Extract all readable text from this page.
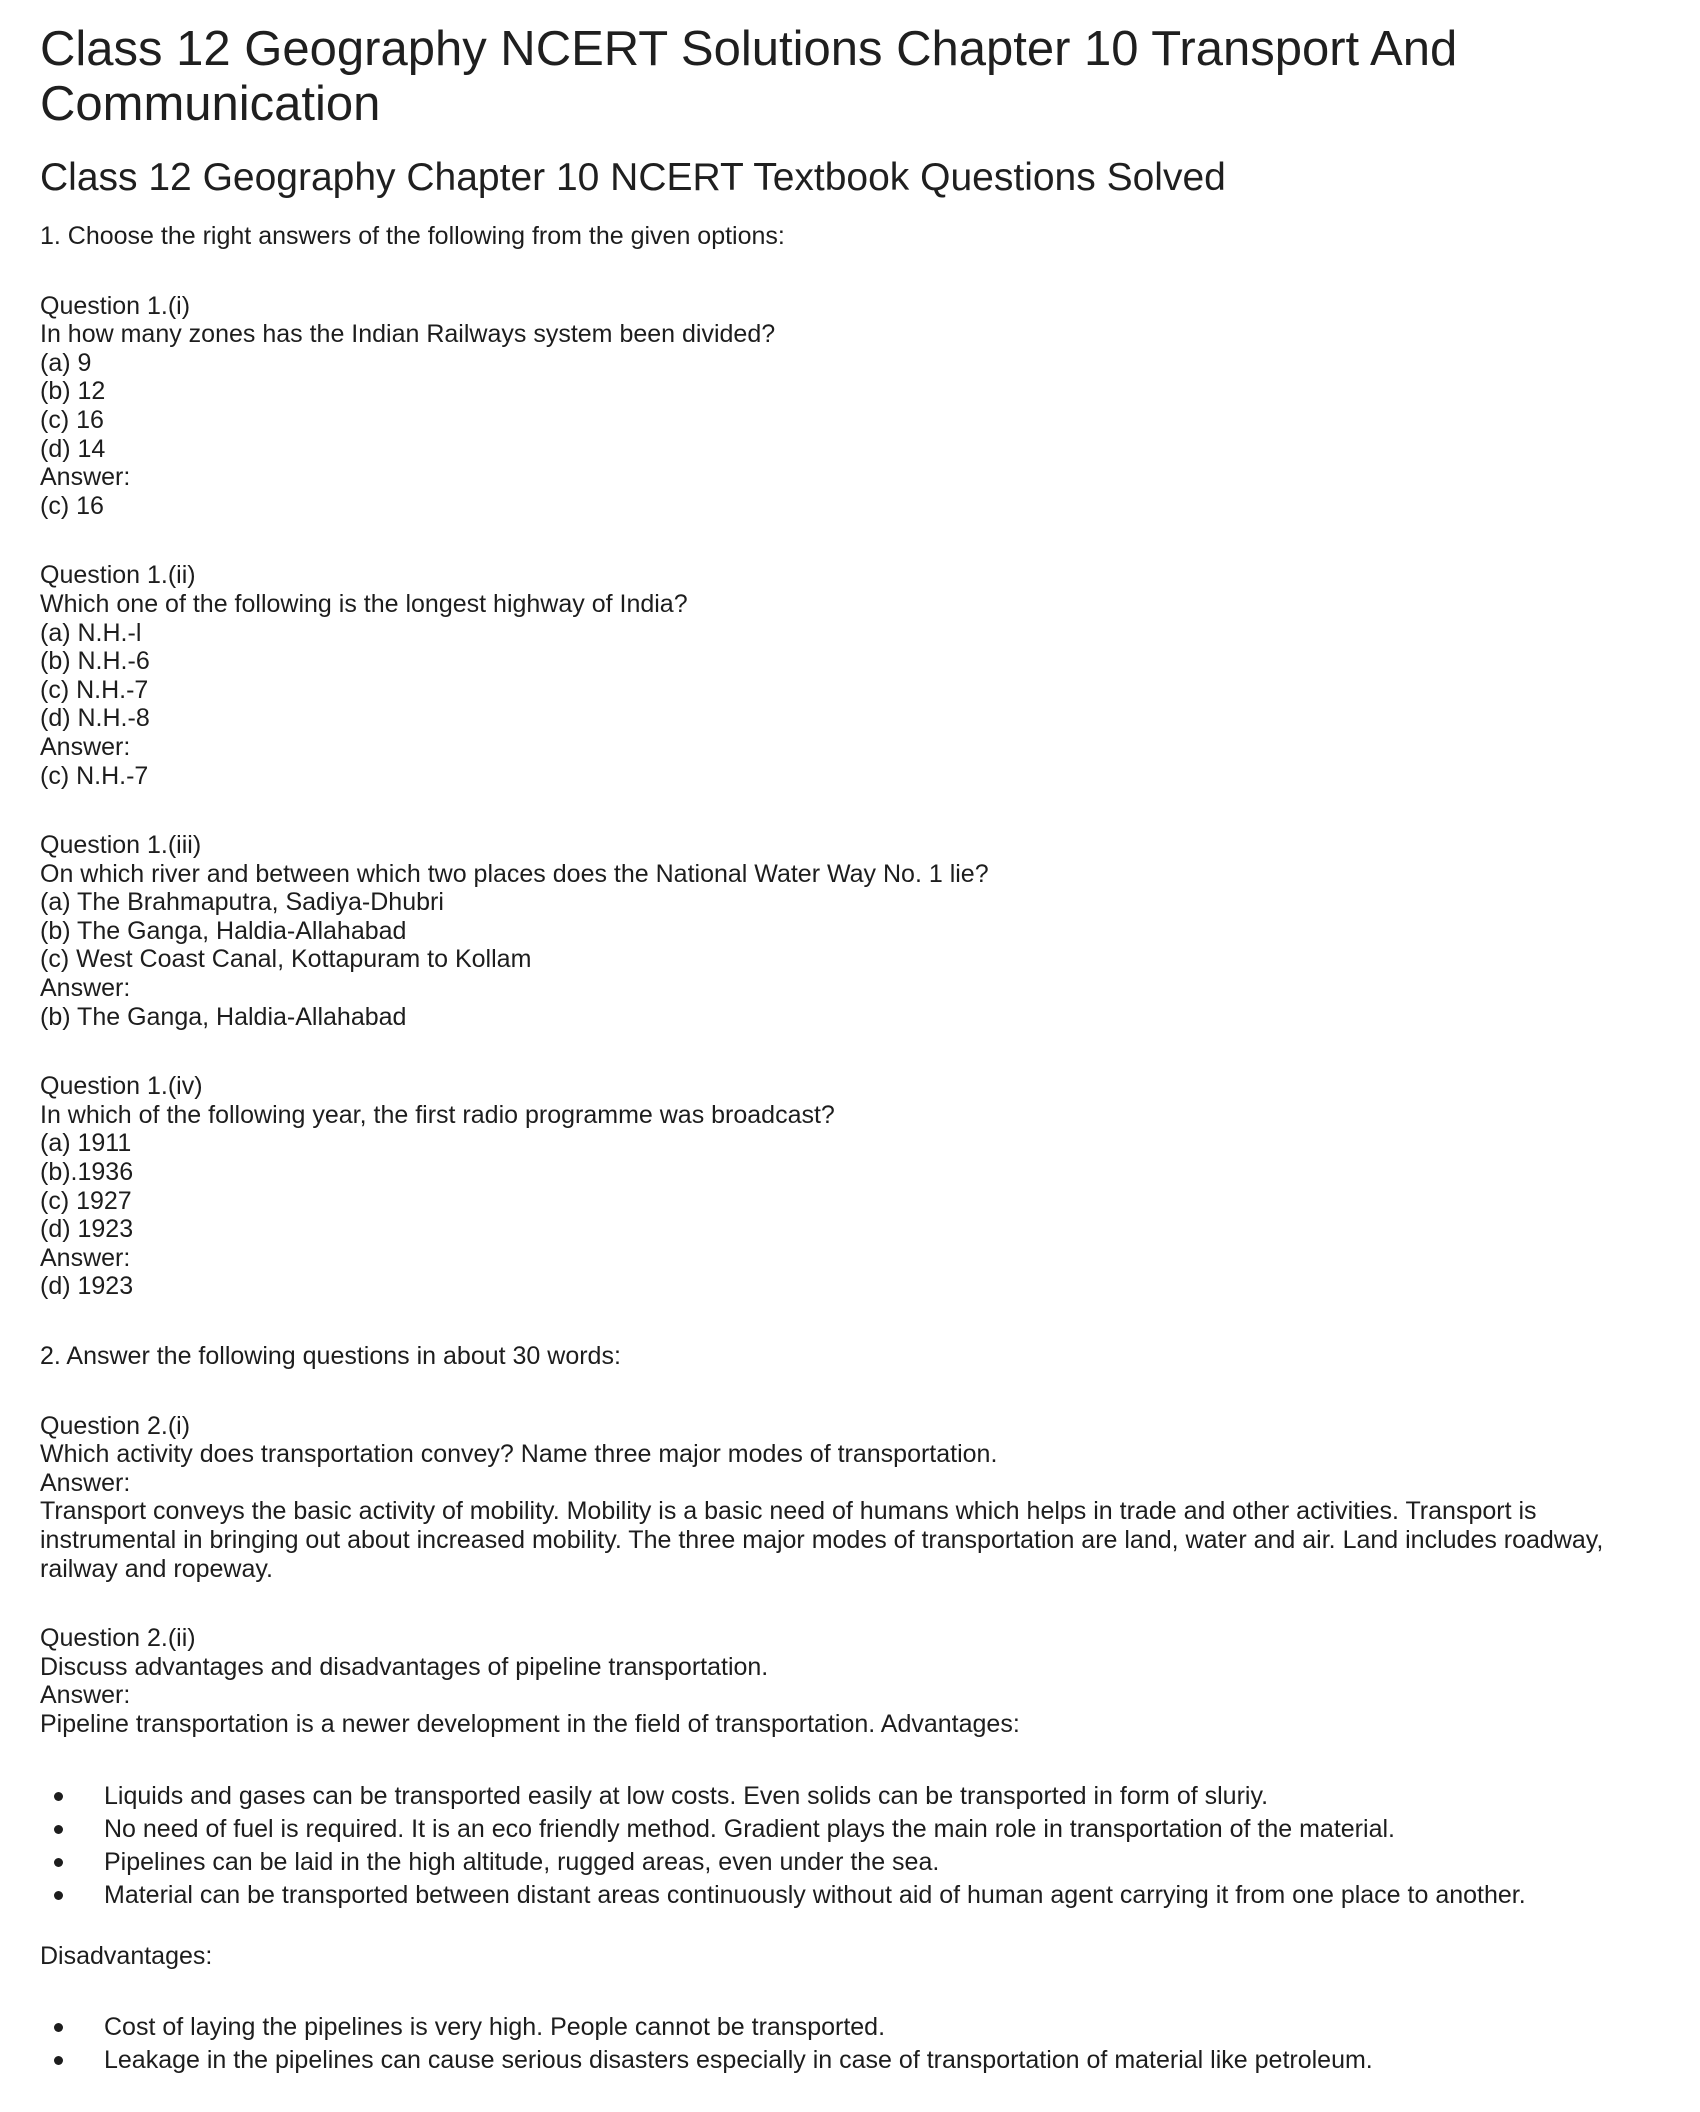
Class 12 Geography NCERT Solutions Chapter 10 Transport And Communication
Class 12 Geography Chapter 10 NCERT Textbook Questions Solved

1. Choose the right answers of the following from the given options:

Question 1.(i)
In how many zones has the Indian Railways system been divided?
(a) 9
(b) 12
(c) 16
(d) 14
Answer:
(c) 16
Question 1.(ii)
Which one of the following is the longest highway of India?
(a) N.H.-l
(b) N.H.-6
(c) N.H.-7
(d) N.H.-8
Answer:
(c) N.H.-7
Question 1.(iii)
On which river and between which two places does the National Water Way No. 1 lie?
(a) The Brahmaputra, Sadiya-Dhubri
(b) The Ganga, Haldia-Allahabad
(c) West Coast Canal, Kottapuram to Kollam
Answer:
(b) The Ganga, Haldia-Allahabad
Question 1.(iv)
In which of the following year, the first radio programme was broadcast?
(a) 1911
(b).1936
(c) 1927
(d) 1923
Answer:
(d) 1923

2. Answer the following questions in about 30 words:

Question 2.(i)
Which activity does transportation convey? Name three major modes of transportation.
Answer:
Transport conveys the basic activity of mobility. Mobility is a basic need of humans which helps in trade and other activities. Transport is instrumental in bringing out about increased mobility. The three major modes of transportation are land, water and air. Land includes roadway, railway and ropeway.
Question 2.(ii)
Discuss advantages and disadvantages of pipeline transportation.
Answer:
Pipeline transportation is a newer development in the field of transportation. Advantages:
Liquids and gases can be transported easily at low costs. Even solids can be transported in form of sluriy.
No need of fuel is required. It is an eco friendly method. Gradient plays the main role in transportation of the material.
Pipelines can be laid in the high altitude, rugged areas, even under the sea.
Material can be transported between distant areas continuously without aid of human agent carrying it from one place to another.

Disadvantages:

Cost of laying the pipelines is very high. People cannot be transported.
Leakage in the pipelines can cause serious disasters especially in case of transportation of material like petroleum.
